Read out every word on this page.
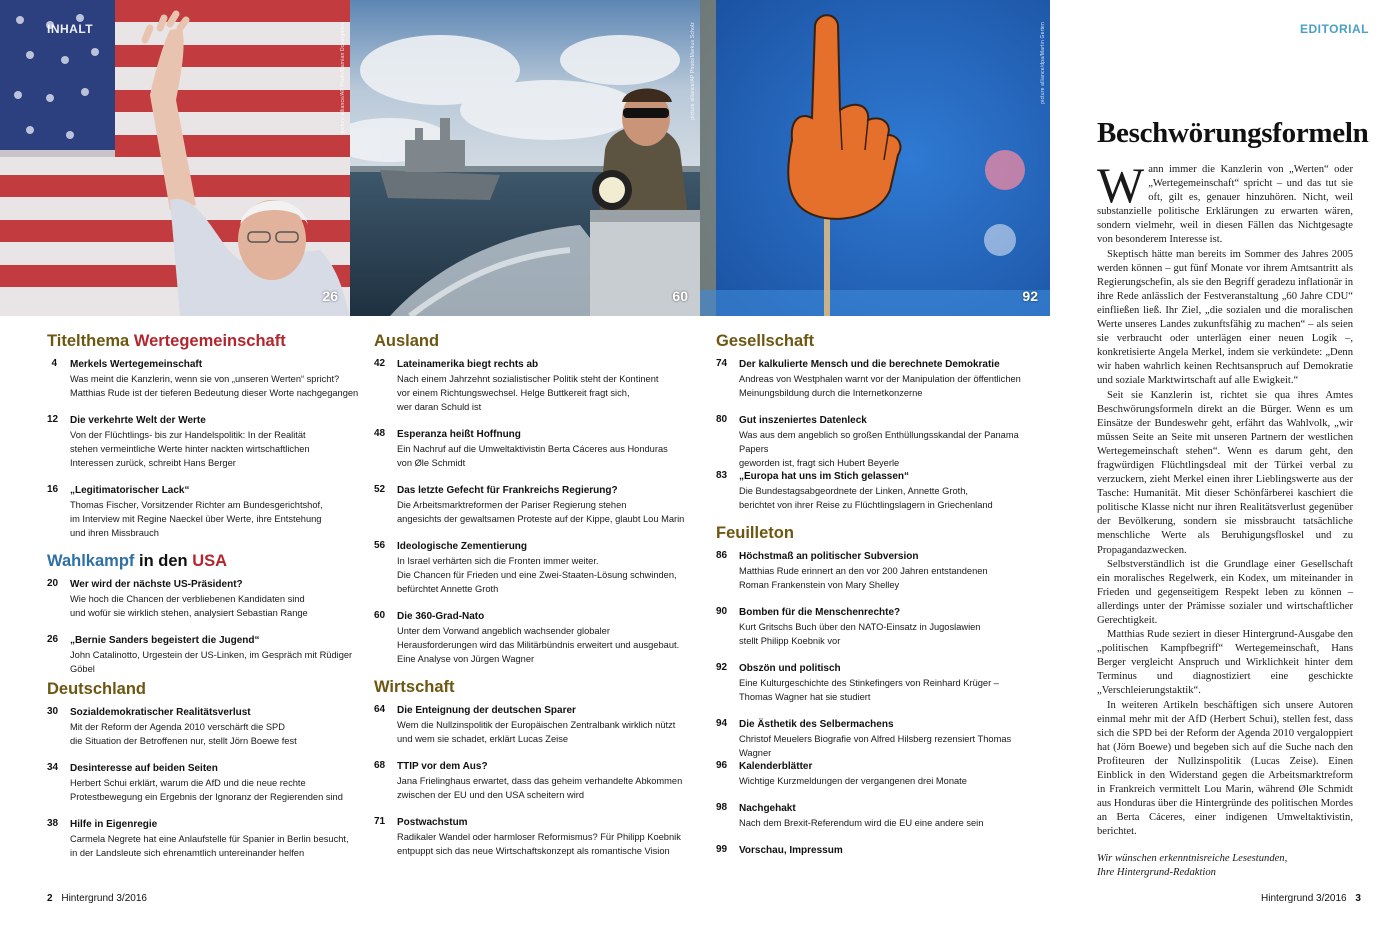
picture alliance/AP Photo/Damian Dovarganes
26
picture alliance/AP Photo/Markus Scholz
60
picture alliance/dpa/Martin Gerten
92
INHALT	EDITORIAL
Titelthema Wertegemeinschaft
4 Merkels Wertegemeinschaft
Was meint die Kanzlerin, wenn sie von „unseren Werten“ spricht?
Matthias Rude ist der tieferen Bedeutung dieser Worte nachgegangen
12 Die verkehrte Welt der Werte
Von der Flüchtlings- bis zur Handelspolitik: In der Realität
stehen vermeintliche Werte hinter nackten wirtschaftlichen
Interessen zurück, schreibt Hans Berger
16 „Legitimatorischer Lack“
Thomas Fischer, Vorsitzender Richter am Bundesgerichtshof,
im Interview mit Regine Naeckel über Werte, ihre Entstehung
und ihren Missbrauch
Wahlkampf in den USA
20 Wer wird der nächste US-Präsident?
Wie hoch die Chancen der verbliebenen Kandidaten sind
und wofür sie wirklich stehen, analysiert Sebastian Range
26 „Bernie Sanders begeistert die Jugend“
John Catalinotto, Urgestein der US-Linken, im Gespräch mit Rüdiger Göbel
Deutschland
30 Sozialdemokratischer Realitätsverlust
Mit der Reform der Agenda 2010 verschärft die SPD
die Situation der Betroffenen nur, stellt Jörn Boewe fest
34 Desinteresse auf beiden Seiten
Herbert Schui erklärt, warum die AfD und die neue rechte
Protestbewegung ein Ergebnis der Ignoranz der Regierenden sind
38 Hilfe in Eigenregie
Carmela Negrete hat eine Anlaufstelle für Spanier in Berlin besucht,
in der Landsleute sich ehrenamtlich untereinander helfen
Ausland
42 Lateinamerika biegt rechts ab
Nach einem Jahrzehnt sozialistischer Politik steht der Kontinent
vor einem Richtungswechsel. Helge Buttkereit fragt sich,
wer daran Schuld ist
48 Esperanza heißt Hoffnung
Ein Nachruf auf die Umweltaktivistin Berta Cáceres aus Honduras
von Øle Schmidt
52 Das letzte Gefecht für Frankreichs Regierung?
Die Arbeitsmarktreformen der Pariser Regierung stehen
angesichts der gewaltsamen Proteste auf der Kippe, glaubt Lou Marin
56 Ideologische Zementierung
In Israel verhärten sich die Fronten immer weiter.
Die Chancen für Frieden und eine Zwei-Staaten-Lösung schwinden,
befürchtet Annette Groth
60 Die 360-Grad-Nato
Unter dem Vorwand angeblich wachsender globaler
Herausforderungen wird das Militärbündnis erweitert und ausgebaut.
Eine Analyse von Jürgen Wagner
Wirtschaft
64 Die Enteignung der deutschen Sparer
Wem die Nullzinspolitik der Europäischen Zentralbank wirklich nützt
und wem sie schadet, erklärt Lucas Zeise
68 TTIP vor dem Aus?
Jana Frielinghaus erwartet, dass das geheim verhandelte Abkommen
zwischen der EU und den USA scheitern wird
71 Postwachstum
Radikaler Wandel oder harmloser Reformismus? Für Philipp Koebnik
entpuppt sich das neue Wirtschaftskonzept als romantische Vision
Gesellschaft
74 Der kalkulierte Mensch und die berechnete Demokratie
Andreas von Westphalen warnt vor der Manipulation der öffentlichen
Meinungsbildung durch die Internetkonzerne
80 Gut inszeniertes Datenleck
Was aus dem angeblich so großen Enthüllungsskandal der Panama Papers
geworden ist, fragt sich Hubert Beyerle
83 „Europa hat uns im Stich gelassen“
Die Bundestagsabgeordnete der Linken, Annette Groth,
berichtet von ihrer Reise zu Flüchtlingslagern in Griechenland
Feuilleton
86 Höchstmaß an politischer Subversion
Matthias Rude erinnert an den vor 200 Jahren entstandenen
Roman Frankenstein von Mary Shelley
90 Bomben für die Menschenrechte?
Kurt Gritschs Buch über den NATO-Einsatz in Jugoslawien
stellt Philipp Koebnik vor
92 Obszön und politisch
Eine Kulturgeschichte des Stinkefingers von Reinhard Krüger –
Thomas Wagner hat sie studiert
94 Die Ästhetik des Selbermachens
Christof Meuelers Biografie von Alfred Hilsberg rezensiert Thomas Wagner
96 Kalenderblätter
Wichtige Kurzmeldungen der vergangenen drei Monate
98 Nachgehakt
Nach dem Brexit-Referendum wird die EU eine andere sein
99 Vorschau, Impressum
Beschwörungsformeln

Wann immer die Kanzlerin von „Werten“ oder „Wertegemeinschaft“ spricht – und das tut sie oft, gilt es, genauer hinzuhören. Nicht, weil substanzielle politische Erklärungen zu erwarten wären, sondern vielmehr, weil in diesen Fällen das Nichtgesagte von besonderem Interesse ist.

Skeptisch hätte man bereits im Sommer des Jahres 2005 werden können – gut fünf Monate vor ihrem Amtsantritt als Regierungschefin, als sie den Begriff geradezu inflationär in ihre Rede anlässlich der Festveranstaltung „60 Jahre CDU“ einfließen ließ. Ihr Ziel, „die sozialen und die moralischen Werte unseres Landes zukunftsfähig zu machen“ – als seien sie verbraucht oder unterlägen einer neuen Logik –, konkretisierte Angela Merkel, indem sie verkündete: „Denn wir haben wahrlich keinen Rechtsanspruch auf Demokratie und soziale Marktwirtschaft auf alle Ewigkeit.“

Seit sie Kanzlerin ist, richtet sie qua ihres Amtes Beschwörungsformeln direkt an die Bürger. Wenn es um Einsätze der Bundeswehr geht, erfährt das Wahlvolk, „wir müssen Seite an Seite mit unseren Partnern der westlichen Wertegemeinschaft stehen“. Wenn es darum geht, den fragwürdigen Flüchtlingsdeal mit der Türkei verbal zu verzuckern, zieht Merkel einen ihrer Lieblingswerte aus der Tasche: Humanität. Mit dieser Schönfärberei kaschiert die politische Klasse nicht nur ihren Realitätsverlust gegenüber der Bevölkerung, sondern sie missbraucht tatsächliche menschliche Werte als Beruhigungsfloskel und zu Propagandazwecken.

Selbstverständlich ist die Grundlage einer Gesellschaft ein moralisches Regelwerk, ein Kodex, um miteinander in Frieden und gegenseitigem Respekt leben zu können – allerdings unter der Prämisse sozialer und wirtschaftlicher Gerechtigkeit.

Matthias Rude seziert in dieser Hintergrund-Ausgabe den „politischen Kampfbegriff“ Wertegemeinschaft, Hans Berger vergleicht Anspruch und Wirklichkeit hinter dem Terminus und diagnostiziert eine geschickte „Verschleierungstaktik“.

In weiteren Artikeln beschäftigen sich unsere Autoren einmal mehr mit der AfD (Herbert Schui), stellen fest, dass sich die SPD bei der Reform der Agenda 2010 vergaloppiert hat (Jörn Boewe) und begeben sich auf die Suche nach den Profiteuren der Nullzinspolitik (Lucas Zeise). Einen Einblick in den Widerstand gegen die Arbeitsmarktreform in Frankreich vermittelt Lou Marin, während Øle Schmidt aus Honduras über die Hintergründe des politischen Mordes an Berta Cáceres, einer indigenen Umweltaktivistin, berichtet.

Wir wünschen erkenntnisreiche Lesestunden,

Ihre Hintergrund-Redaktion

2 Hintergrund 3/2016	Hintergrund 3/2016 3
